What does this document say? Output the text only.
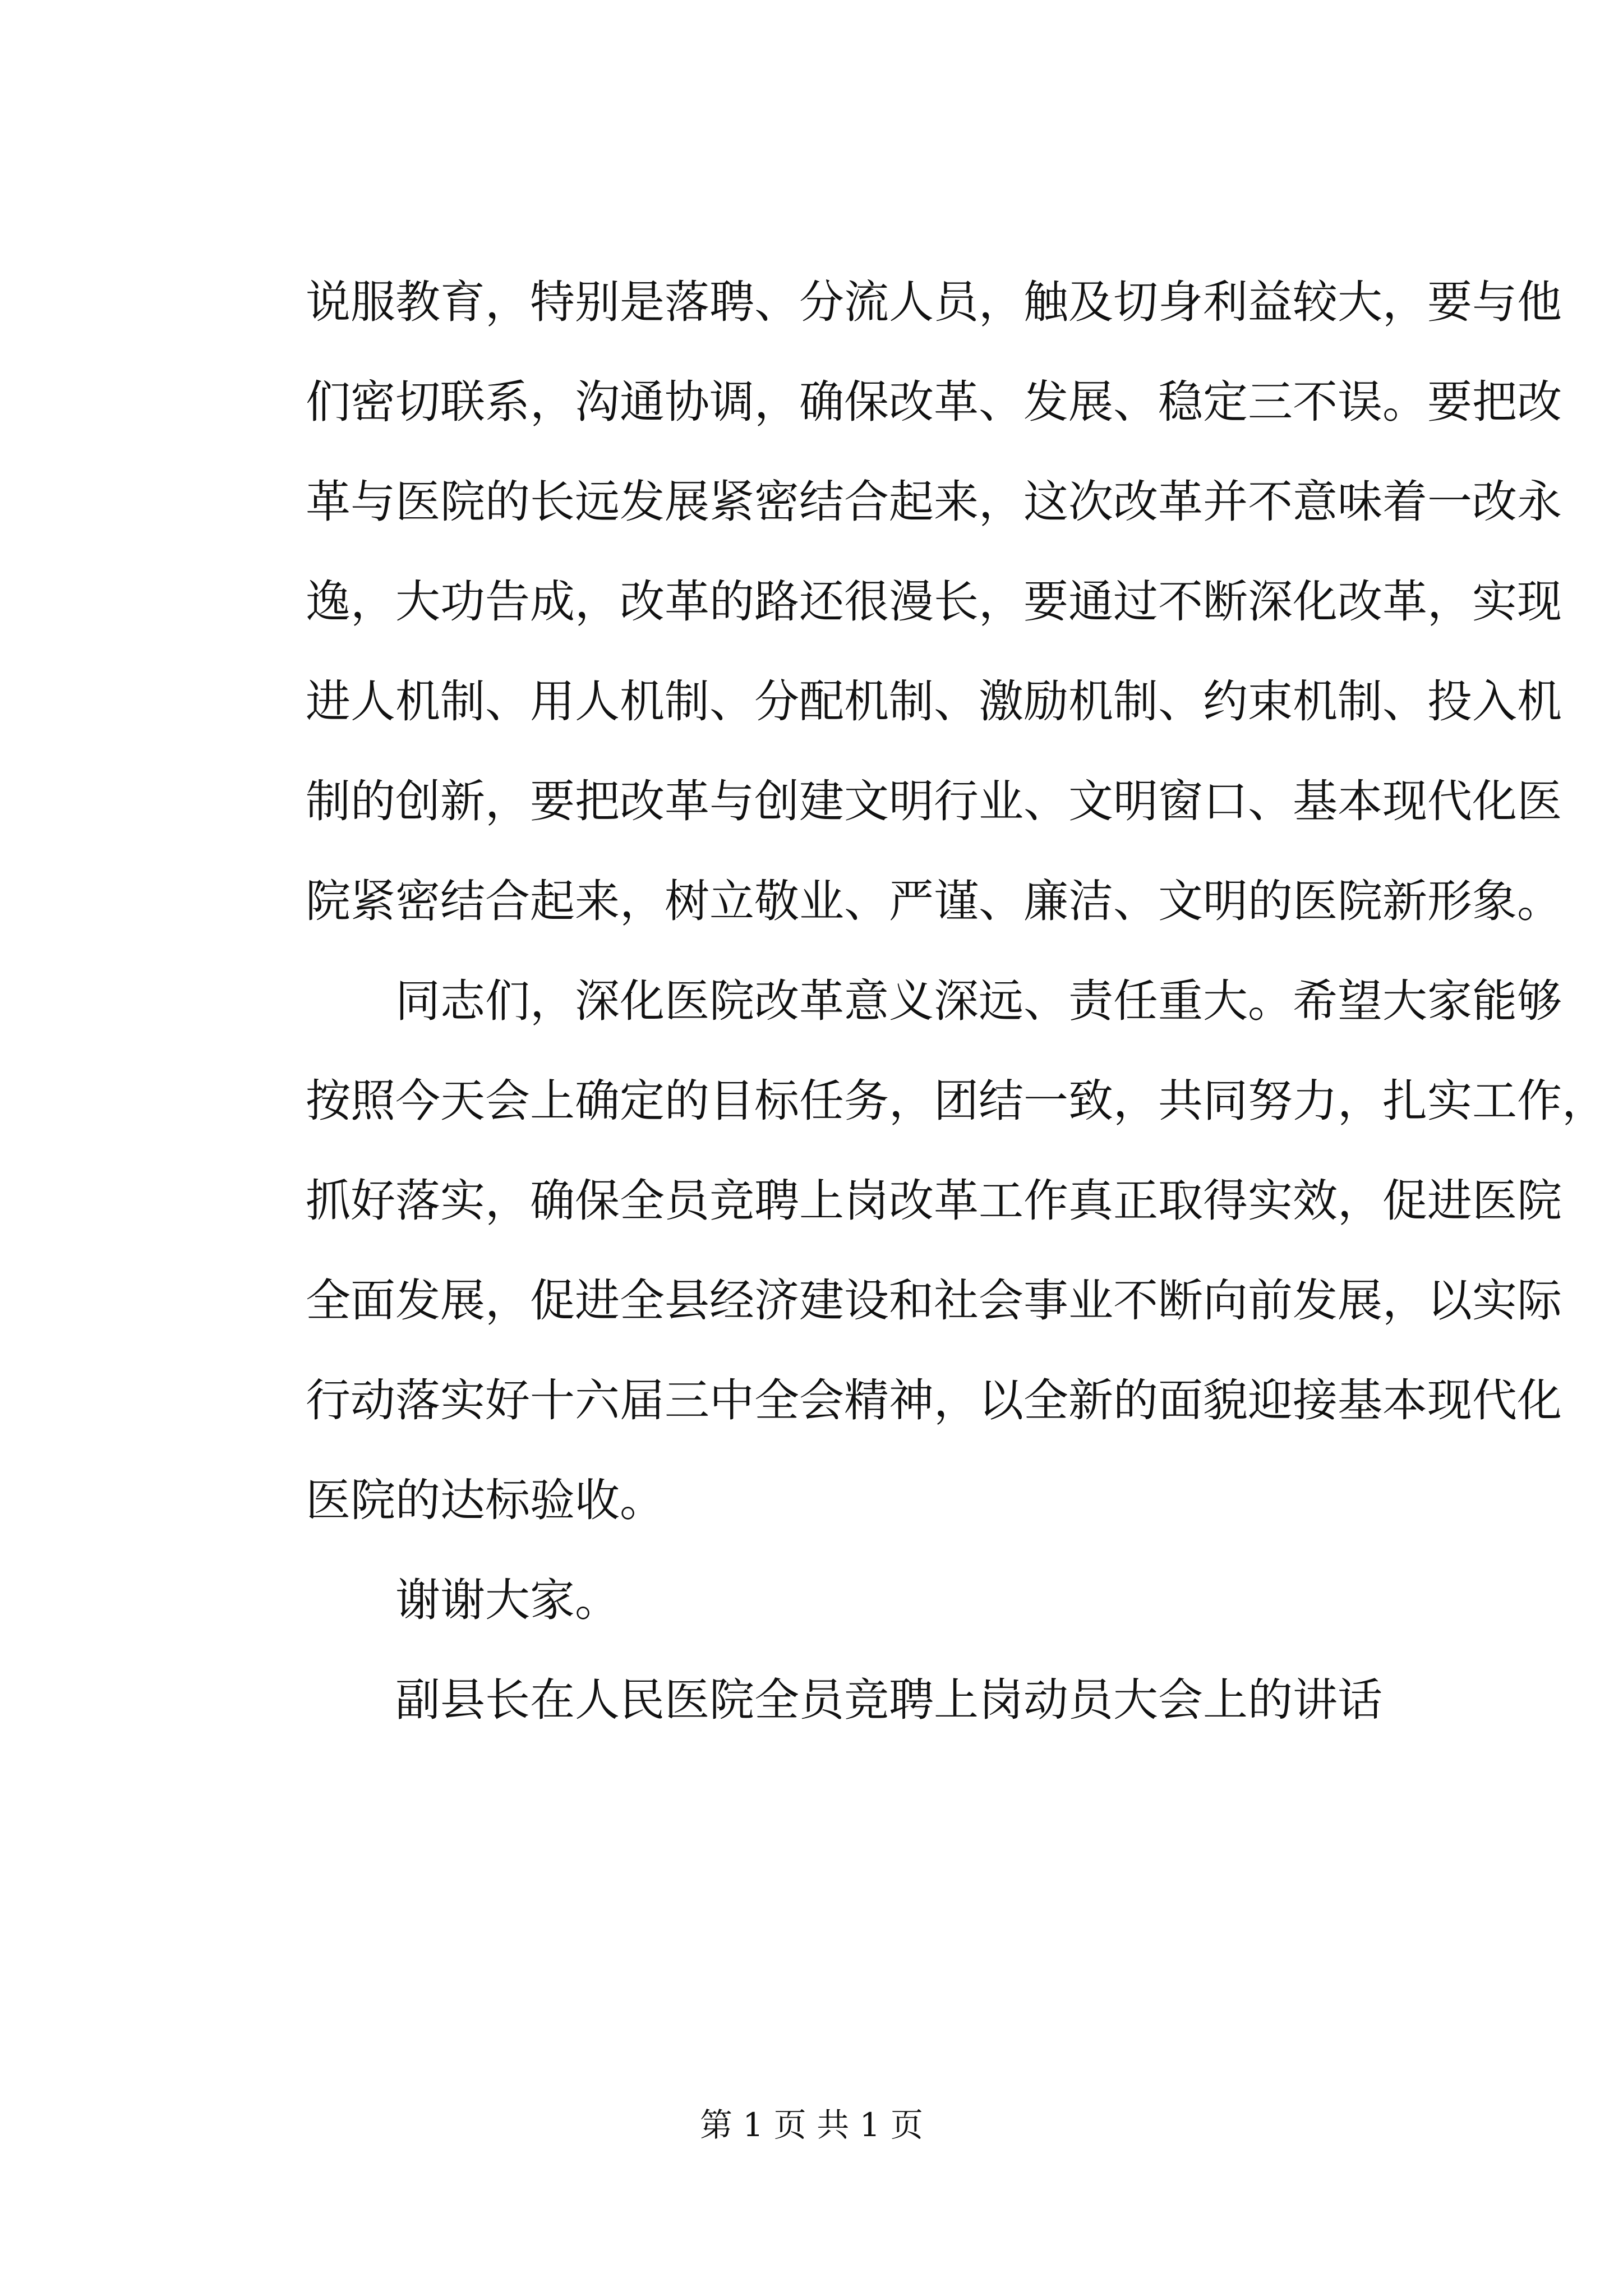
说服教育，特别是落聘、分流人员，触及切身利益较大，要与他
们密切联系，沟通协调，确保改革、发展、稳定三不误。要把改
革与医院的长远发展紧密结合起来，这次改革并不意味着一改永
逸，大功告成，改革的路还很漫长，要通过不断深化改革，实现
进人机制、用人机制、分配机制、激励机制、约束机制、投入机
制的创新，要把改革与创建文明行业、文明窗口、基本现代化医
院紧密结合起来，树立敬业、严谨、廉洁、文明的医院新形象。
　　同志们，深化医院改革意义深远、责任重大。希望大家能够
按照今天会上确定的目标任务，团结一致，共同努力，扎实工作，
抓好落实，确保全员竞聘上岗改革工作真正取得实效，促进医院
全面发展，促进全县经济建设和社会事业不断向前发展，以实际
行动落实好十六届三中全会精神，以全新的面貌迎接基本现代化
医院的达标验收。
　　谢谢大家。
　　副县长在人民医院全员竞聘上岗动员大会上的讲话
第 1 页 共 1 页
